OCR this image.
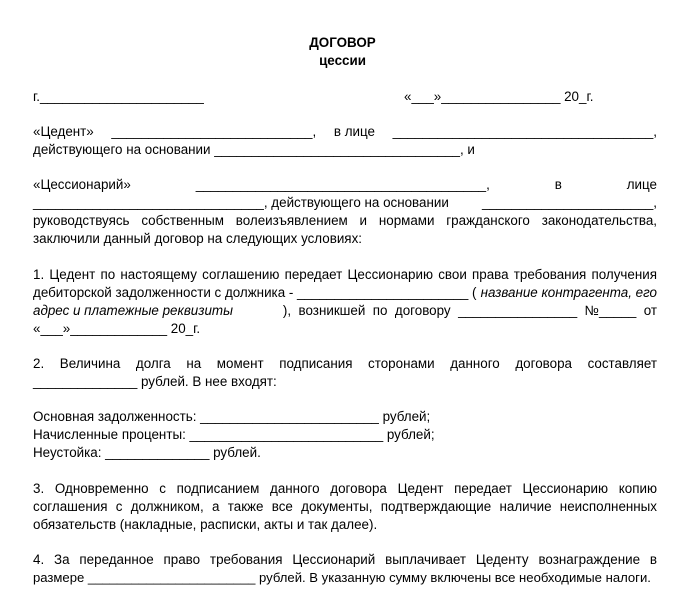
ДОГОВОР
цессии
г.______________________	«___»________________ 20_г.
«Цедент» ___________________________, в лице ___________________________________,
действующего на основании _________________________________, и
«Цессионарий»	_______________________________________,	в	лице
_______________________________, действующего на основании _______________________,
руководствуясь собственным волеизъявлением и нормами гражданского законодательства,
заключили данный договор на следующих условиях:
1. Цедент по настоящему соглашению передает Цессионарию свои права требования получения
дебиторской задолженности с должника - _______________________ ( название контрагента, его
адрес и платежные реквизиты	),  возникшей  по  договору  ________________  №_____  от
«___»_____________ 20_г.
2. Величина долга на момент подписания сторонами данного договора составляет
______________ рублей. В нее входят:
Основная задолженность: ________________________ рублей;
Начисленные проценты: __________________________ рублей;
Неустойка: ______________ рублей.
3. Одновременно с подписанием данного договора Цедент передает Цессионарию копию
соглашения с должником, а также все документы, подтверждающие наличие неисполненных
обязательств (накладные, расписки, акты и так далее).
4. За переданное право требования Цессионарий выплачивает Цеденту вознаграждение в
размере _______________________ рублей. В указанную сумму включены все необходимые налоги.
